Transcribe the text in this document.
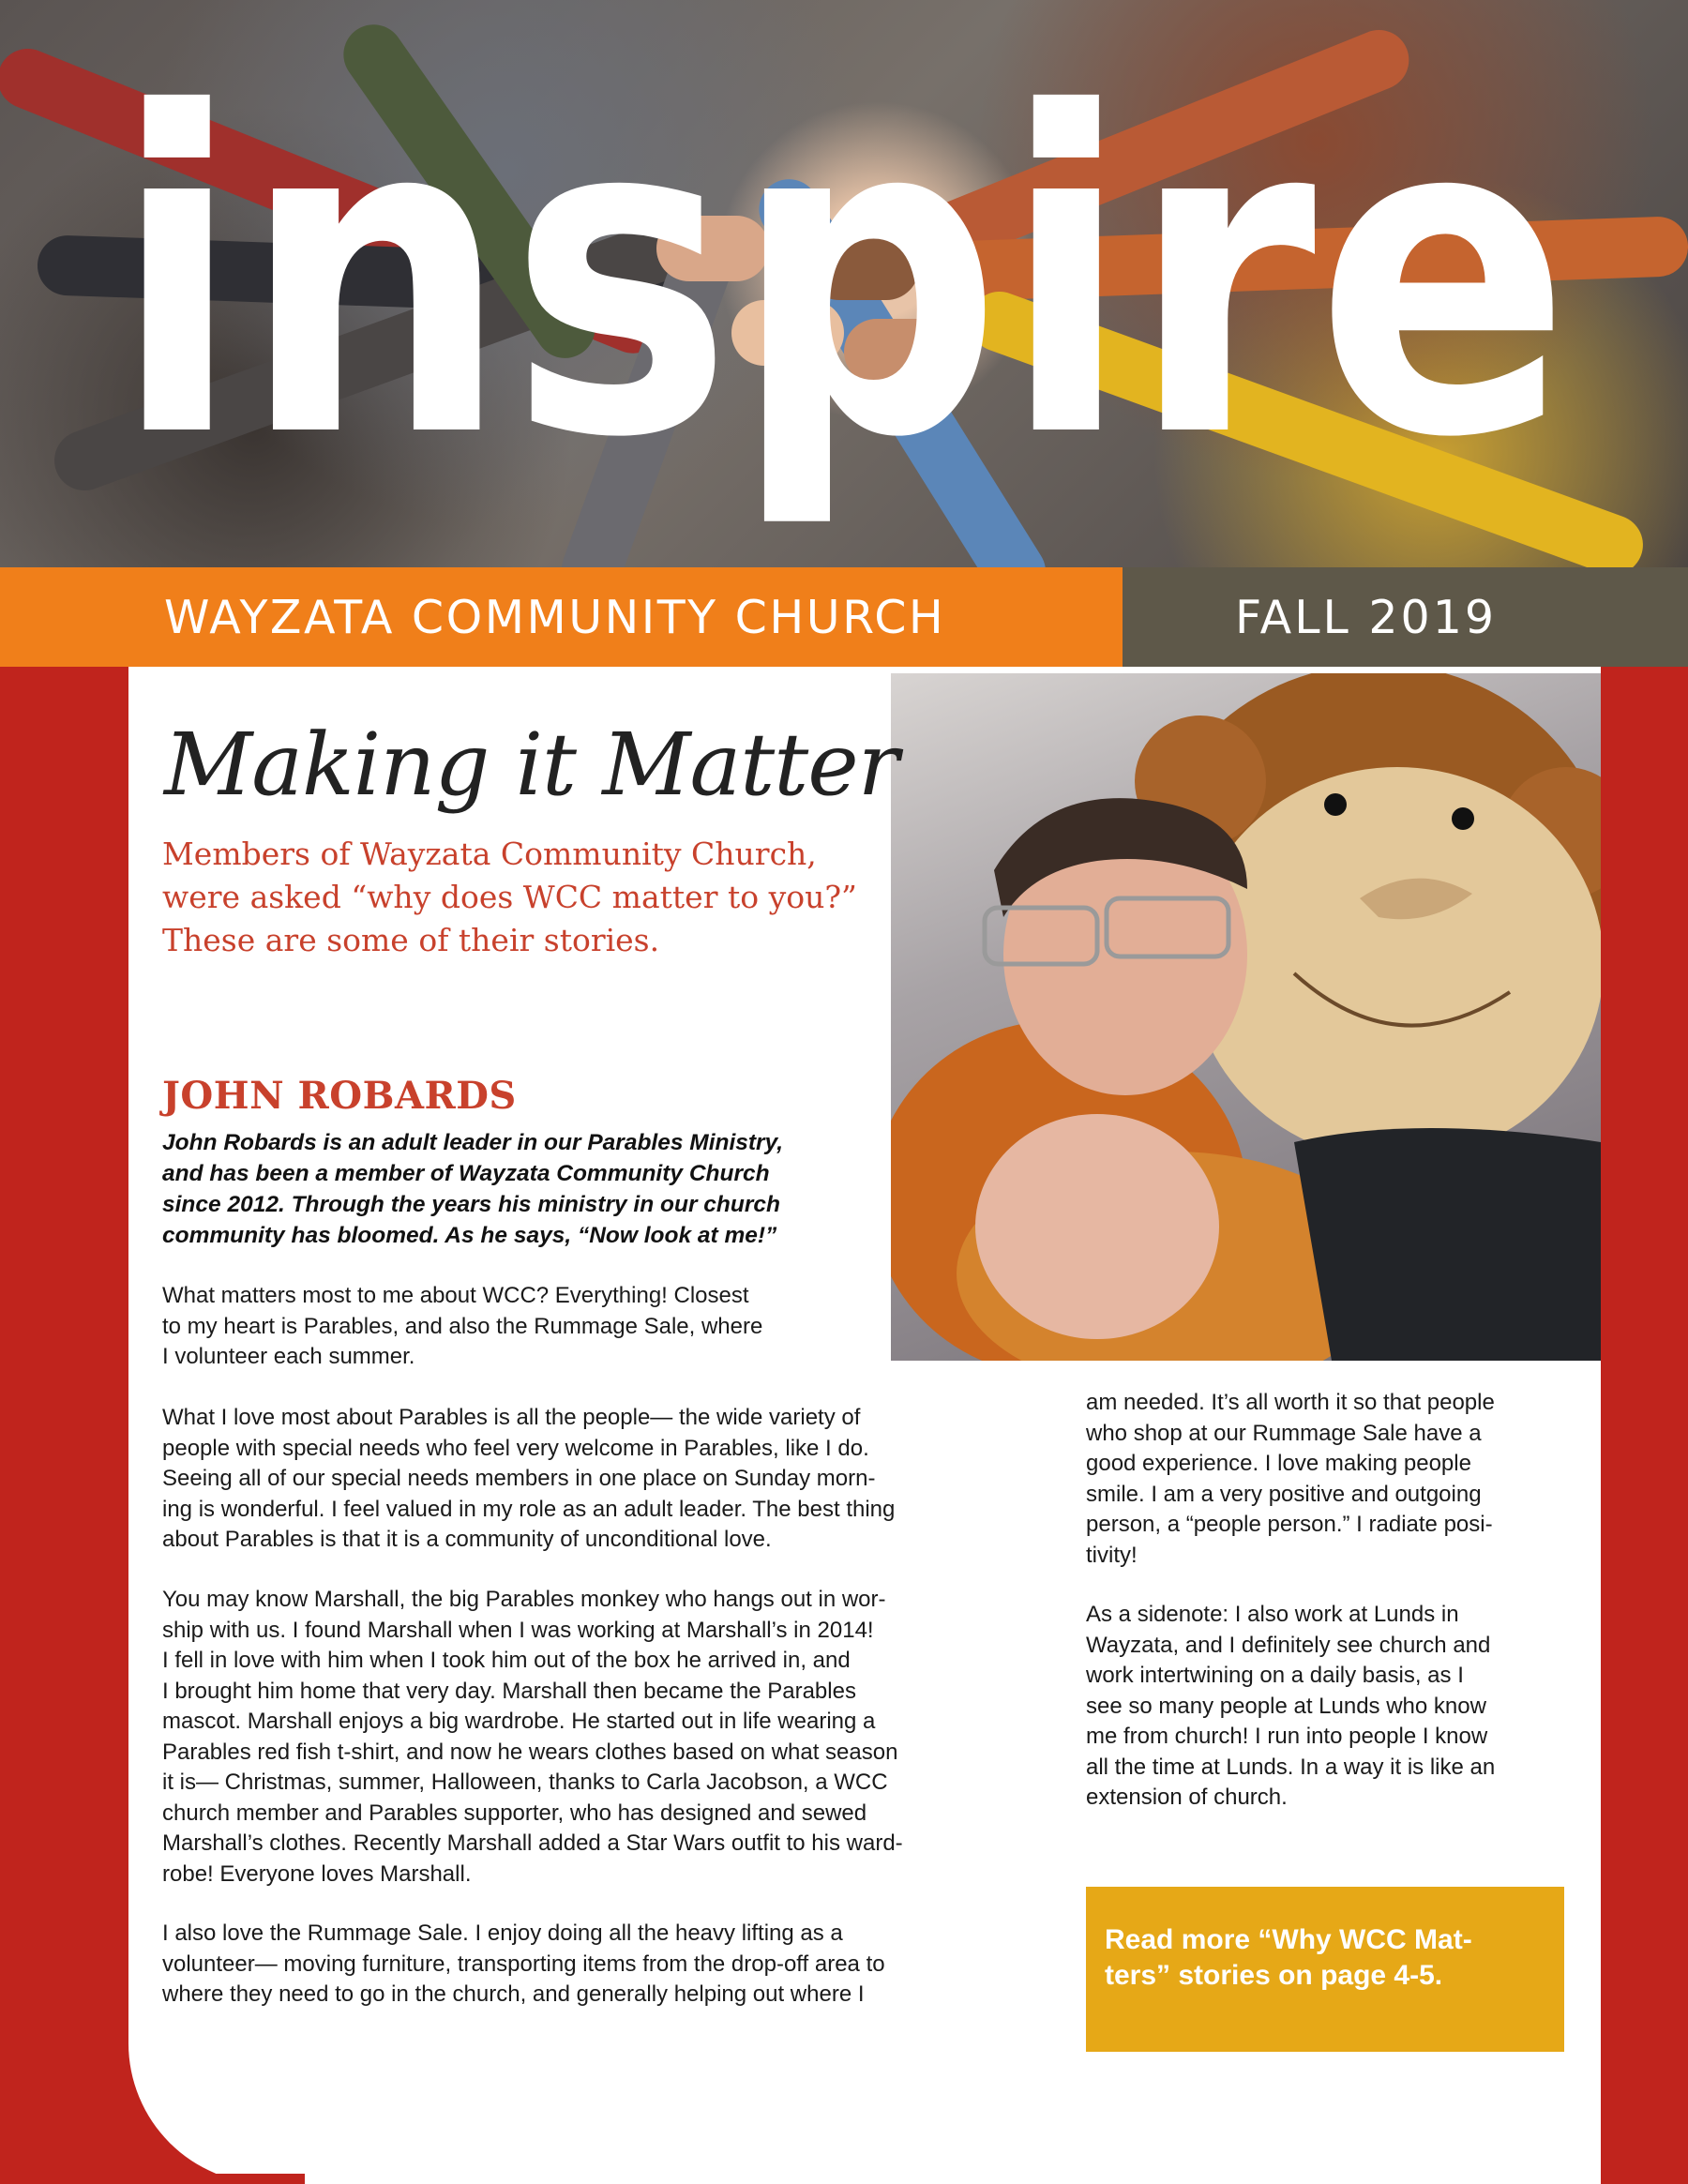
inspire
WAYZATA COMMUNITY CHURCH	FALL 2019
Making it Matter

Members of Wayzata Community Church,
were asked “why does WCC matter to you?”
These are some of their stories.

JOHN ROBARDS

John Robards is an adult leader in our Parables Ministry,
and has been a member of Wayzata Community Church
since 2012. Through the years his ministry in our church
community has bloomed. As he says, “Now look at me!”

What matters most to me about WCC? Everything! Closest
to my heart is Parables, and also the Rummage Sale, where
I volunteer each summer.

What I love most about Parables is all the people— the wide variety of
people with special needs who feel very welcome in Parables, like I do.
Seeing all of our special needs members in one place on Sunday morn-
ing is wonderful. I feel valued in my role as an adult leader. The best thing
about Parables is that it is a community of unconditional love.

You may know Marshall, the big Parables monkey who hangs out in wor-
ship with us. I found Marshall when I was working at Marshall’s in 2014!
I fell in love with him when I took him out of the box he arrived in, and
I brought him home that very day. Marshall then became the Parables
mascot. Marshall enjoys a big wardrobe. He started out in life wearing a
Parables red fish t-shirt, and now he wears clothes based on what season
it is— Christmas, summer, Halloween, thanks to Carla Jacobson, a WCC
church member and Parables supporter, who has designed and sewed
Marshall’s clothes. Recently Marshall added a Star Wars outfit to his ward-
robe! Everyone loves Marshall.

I also love the Rummage Sale. I enjoy doing all the heavy lifting as a
volunteer— moving furniture, transporting items from the drop-off area to
where they need to go in the church, and generally helping out where I

am needed. It’s all worth it so that people
who shop at our Rummage Sale have a
good experience. I love making people
smile. I am a very positive and outgoing
person, a “people person.” I radiate posi-
tivity!

As a sidenote: I also work at Lunds in
Wayzata, and I definitely see church and
work intertwining on a daily basis, as I
see so many people at Lunds who know
me from church! I run into people I know
all the time at Lunds. In a way it is like an
extension of church.

Read more “Why WCC Mat-
ters” stories on page 4-5.
